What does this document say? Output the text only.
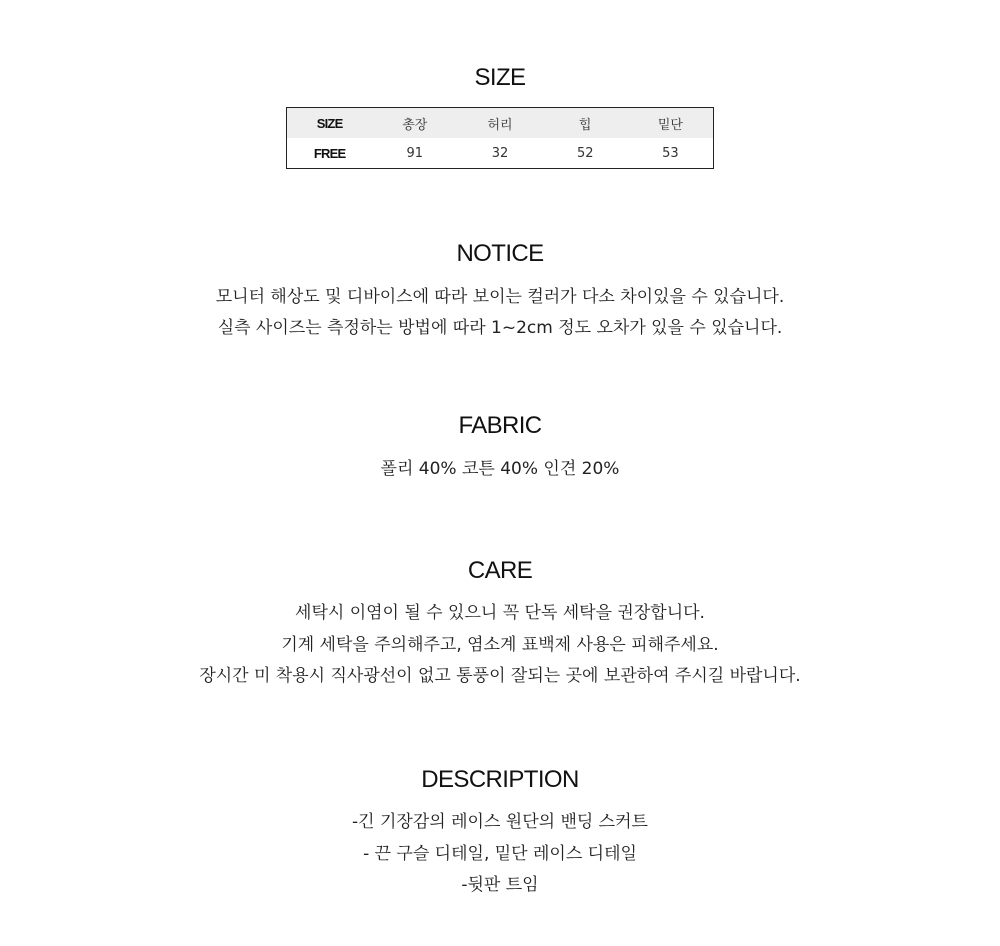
SIZE
SIZE	총장	허리	힙	밑단
FREE	91	32	52	53
NOTICE
모니터 해상도 및 디바이스에 따라 보이는 컬러가 다소 차이있을 수 있습니다.
실측 사이즈는 측정하는 방법에 따라 1~2cm 정도 오차가 있을 수 있습니다.
FABRIC
폴리 40% 코튼 40% 인견 20%
CARE
세탁시 이염이 될 수 있으니 꼭 단독 세탁을 권장합니다.
기계 세탁을 주의해주고, 염소계 표백제 사용은 피해주세요.
장시간 미 착용시 직사광선이 없고 통풍이 잘되는 곳에 보관하여 주시길 바랍니다.
DESCRIPTION
-긴 기장감의 레이스 원단의 밴딩 스커트
- 끈 구슬 디테일, 밑단 레이스 디테일
-뒷판 트임
